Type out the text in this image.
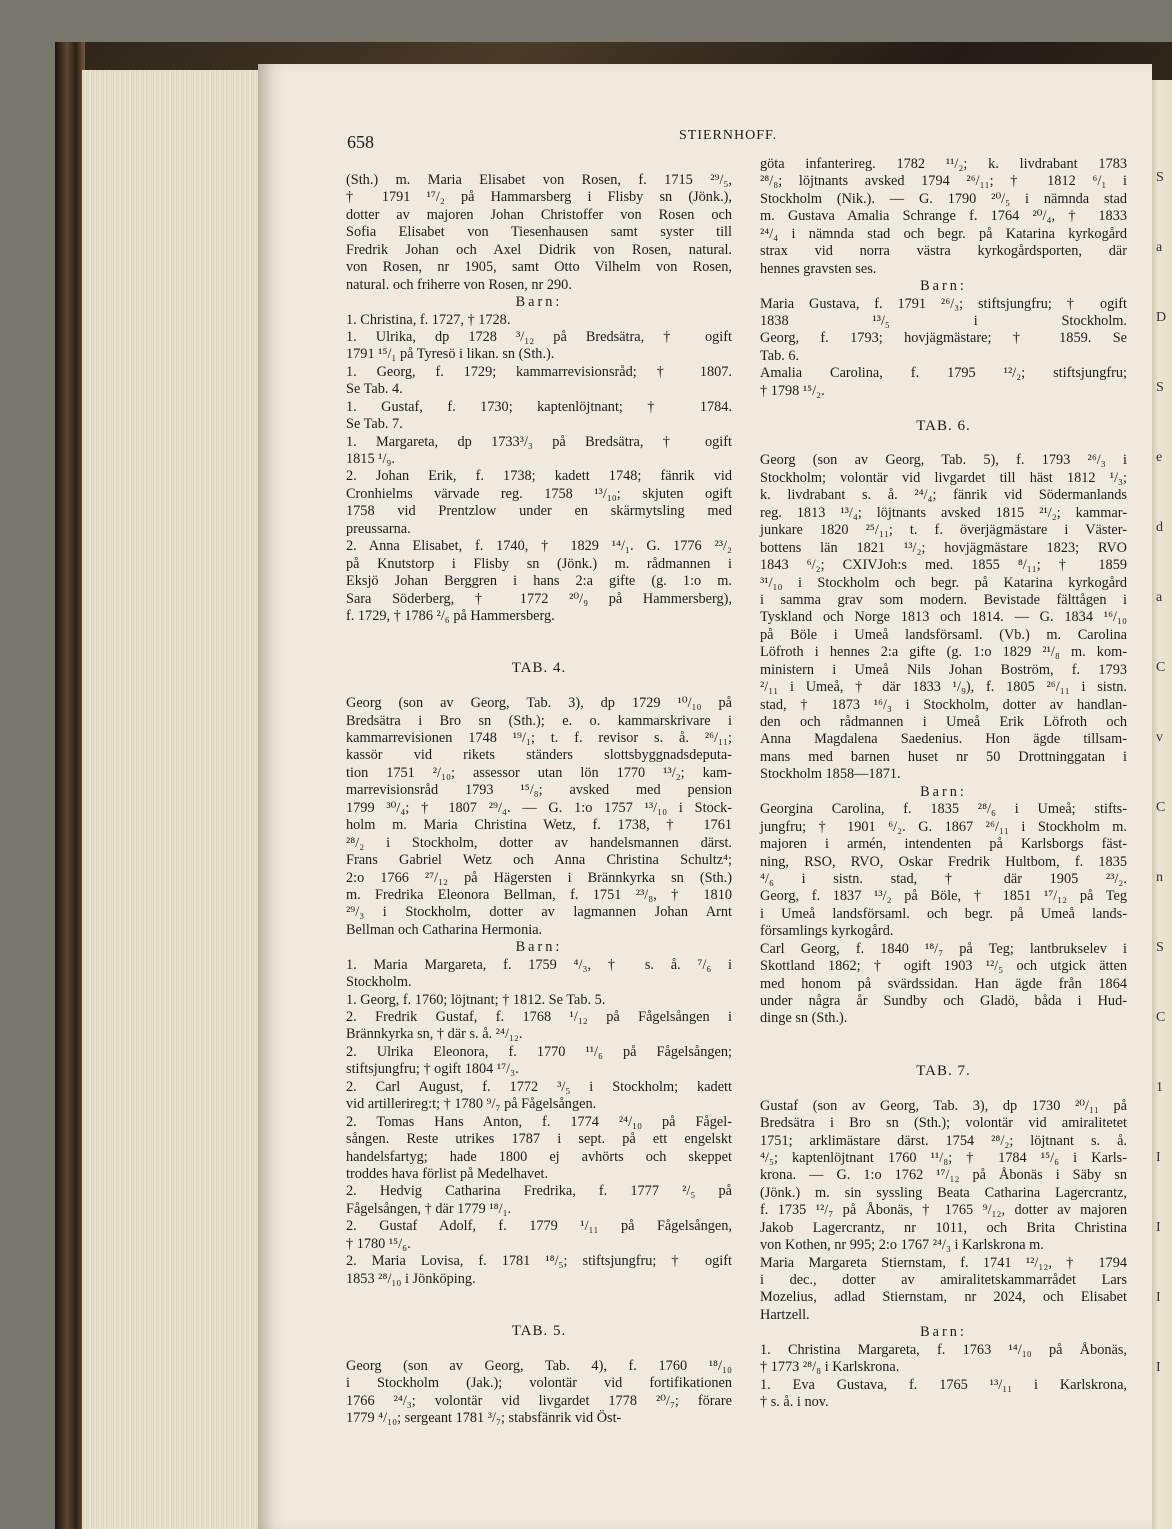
S
a
D
S
e
d
a
C
v
C
n
S
C
1
I
I
I
I
658	STIERNHOFF.
(Sth.) m. Maria Elisabet von Rosen, f. 1715 ²⁹/₅,
† 1791 ¹⁷/₂ på Hammarsberg i Flisby sn (Jönk.),
dotter av majoren Johan Christoffer von Rosen och
Sofia Elisabet von Tiesenhausen samt syster till
Fredrik Johan och Axel Didrik von Rosen, natural.
von Rosen, nr 1905, samt Otto Vilhelm von Rosen,
natural. och friherre von Rosen, nr 290.
Barn:
1. Christina, f. 1727, † 1728.
1. Ulrika, dp 1728 ³/₁₂ på Bredsätra, † ogift
1791 ¹⁵/₁ på Tyresö i likan. sn (Sth.).
1. Georg, f. 1729; kammarrevisionsråd; † 1807.
Se Tab. 4.
1. Gustaf, f. 1730; kaptenlöjtnant; † 1784.
Se Tab. 7.
1. Margareta, dp 1733³/₃ på Bredsätra, † ogift
1815 ¹/₉.
2. Johan Erik, f. 1738; kadett 1748; fänrik vid
Cronhielms värvade reg. 1758 ¹³/₁₀; skjuten ogift
1758 vid Prentzlow under en skärmytsling med
preussarna.
2. Anna Elisabet, f. 1740, † 1829 ¹⁴/₁. G. 1776 ²³/₂
på Knutstorp i Flisby sn (Jönk.) m. rådmannen i
Eksjö Johan Berggren i hans 2:a gifte (g. 1:o m.
Sara Söderberg, † 1772 ²⁰/₉ på Hammersberg),
f. 1729, † 1786 ²/₆ på Hammersberg.
TAB. 4.
Georg (son av Georg, Tab. 3), dp 1729 ¹⁰/₁₀ på
Bredsätra i Bro sn (Sth.); e. o. kammarskrivare i
kammarrevisionen 1748 ¹⁹/₁; t. f. revisor s. å. ²⁶/₁₁;
kassör vid rikets ständers slottsbyggnadsdeputa-
tion 1751 ²/₁₀; assessor utan lön 1770 ¹³/₂; kam-
marrevisionsråd 1793 ¹⁵/₈; avsked med pension
1799 ³⁰/₄; † 1807 ²⁹/₄. — G. 1:o 1757 ¹³/₁₀ i Stock-
holm m. Maria Christina Wetz, f. 1738, † 1761
²⁸/₂ i Stockholm, dotter av handelsmannen därst.
Frans Gabriel Wetz och Anna Christina Schultz⁴;
2:o 1766 ²⁷/₁₂ på Hägersten i Brännkyrka sn (Sth.)
m. Fredrika Eleonora Bellman, f. 1751 ²³/₈, † 1810
²⁹/₃ i Stockholm, dotter av lagmannen Johan Arnt
Bellman och Catharina Hermonia.
Barn:
1. Maria Margareta, f. 1759 ⁴/₃, † s. å. ⁷/₆ i
Stockholm.
1. Georg, f. 1760; löjtnant; † 1812. Se Tab. 5.
2. Fredrik Gustaf, f. 1768 ¹/₁₂ på Fågelsången i
Brännkyrka sn, † där s. å. ²⁴/₁₂.
2. Ulrika Eleonora, f. 1770 ¹¹/₆ på Fågelsången;
stiftsjungfru; † ogift 1804 ¹⁷/₃.
2. Carl August, f. 1772 ³/₅ i Stockholm; kadett
vid artillerireg:t; † 1780 ⁹/₇ på Fågelsången.
2. Tomas Hans Anton, f. 1774 ²⁴/₁₀ på Fågel-
sången. Reste utrikes 1787 i sept. på ett engelskt
handelsfartyg; hade 1800 ej avhörts och skeppet
troddes hava förlist på Medelhavet.
2. Hedvig Catharina Fredrika, f. 1777 ²/₅ på
Fågelsången, † där 1779 ¹⁸/₁.
2. Gustaf Adolf, f. 1779 ¹/₁₁ på Fågelsången,
† 1780 ¹⁵/₆.
2. Maria Lovisa, f. 1781 ¹⁸/₅; stiftsjungfru; † ogift
1853 ²⁸/₁₀ i Jönköping.
TAB. 5.
Georg (son av Georg, Tab. 4), f. 1760 ¹⁸/₁₀
i Stockholm (Jak.); volontär vid fortifikationen
1766 ²⁴/₃; volontär vid livgardet 1778 ²⁰/₇; förare
1779 ⁴/₁₀; sergeant 1781 ³/₇; stabsfänrik vid Öst-
göta infanterireg. 1782 ¹¹/₂; k. livdrabant 1783
²⁸/₈; löjtnants avsked 1794 ²⁶/₁₁; † 1812 ⁶/₁ i
Stockholm (Nik.). — G. 1790 ²⁰/₅ i nämnda stad
m. Gustava Amalia Schrange f. 1764 ²⁰/₄, † 1833
²⁴/₄ i nämnda stad och begr. på Katarina kyrkogård
strax vid norra västra kyrkogårdsporten, där
hennes gravsten ses.
Barn:
Maria Gustava, f. 1791 ²⁶/₃; stiftsjungfru; † ogift
1838 ¹³/₅ i Stockholm.
Georg, f. 1793; hovjägmästare; † 1859. Se
Tab. 6.
Amalia Carolina, f. 1795 ¹²/₂; stiftsjungfru;
† 1798 ¹⁵/₂.
TAB. 6.
Georg (son av Georg, Tab. 5), f. 1793 ²⁶/₃ i
Stockholm; volontär vid livgardet till häst 1812 ¹/₃;
k. livdrabant s. å. ²⁴/₄; fänrik vid Södermanlands
reg. 1813 ¹³/₄; löjtnants avsked 1815 ²¹/₂; kammar-
junkare 1820 ²⁵/₁₁; t. f. överjägmästare i Väster-
bottens län 1821 ¹³/₂; hovjägmästare 1823; RVO
1843 ⁶/₂; CXIVJoh:s med. 1855 ⁸/₁₁; † 1859
³¹/₁₀ i Stockholm och begr. på Katarina kyrkogård
i samma grav som modern. Bevistade fälttågen i
Tyskland och Norge 1813 och 1814. — G. 1834 ¹⁶/₁₀
på Böle i Umeå landsförsaml. (Vb.) m. Carolina
Löfroth i hennes 2:a gifte (g. 1:o 1829 ²¹/₈ m. kom-
ministern i Umeå Nils Johan Boström, f. 1793
²/₁₁ i Umeå, † där 1833 ¹/₉), f. 1805 ²⁶/₁₁ i sistn.
stad, † 1873 ¹⁶/₃ i Stockholm, dotter av handlan-
den och rådmannen i Umeå Erik Löfroth och
Anna Magdalena Saedenius. Hon ägde tillsam-
mans med barnen huset nr 50 Drottninggatan i
Stockholm 1858—1871.
Barn:
Georgina Carolina, f. 1835 ²⁸/₆ i Umeå; stifts-
jungfru; † 1901 ⁶/₂. G. 1867 ²⁶/₁₁ i Stockholm m.
majoren i armén, intendenten på Karlsborgs fäst-
ning, RSO, RVO, Oskar Fredrik Hultbom, f. 1835
⁴/₆ i sistn. stad, † där 1905 ²³/₂.
Georg, f. 1837 ¹³/₂ på Böle, † 1851 ¹⁷/₁₂ på Teg
i Umeå landsförsaml. och begr. på Umeå lands-
församlings kyrkogård.
Carl Georg, f. 1840 ¹⁸/₇ på Teg; lantbrukselev i
Skottland 1862; † ogift 1903 ¹²/₅ och utgick ätten
med honom på svärdssidan. Han ägde från 1864
under några år Sundby och Gladö, båda i Hud-
dinge sn (Sth.).
TAB. 7.
Gustaf (son av Georg, Tab. 3), dp 1730 ²⁰/₁₁ på
Bredsätra i Bro sn (Sth.); volontär vid amiralitetet
1751; arklimästare därst. 1754 ²⁸/₂; löjtnant s. å.
⁴/₅; kaptenlöjtnant 1760 ¹¹/₈; † 1784 ¹⁵/₆ i Karls-
krona. — G. 1:o 1762 ¹⁷/₁₂ på Åbonäs i Säby sn
(Jönk.) m. sin syssling Beata Catharina Lagercrantz,
f. 1735 ¹²/₇ på Åbonäs, † 1765 ⁹/₁₂, dotter av majoren
Jakob Lagercrantz, nr 1011, och Brita Christina
von Kothen, nr 995; 2:o 1767 ²⁴/₃ i Karlskrona m.
Maria Margareta Stiernstam, f. 1741 ¹²/₁₂, † 1794
i dec., dotter av amiralitetskammarrådet Lars
Mozelius, adlad Stiernstam, nr 2024, och Elisabet
Hartzell.
Barn:
1. Christina Margareta, f. 1763 ¹⁴/₁₀ på Åbonäs,
† 1773 ²⁸/₈ i Karlskrona.
1. Eva Gustava, f. 1765 ¹³/₁₁ i Karlskrona,
† s. å. i nov.
